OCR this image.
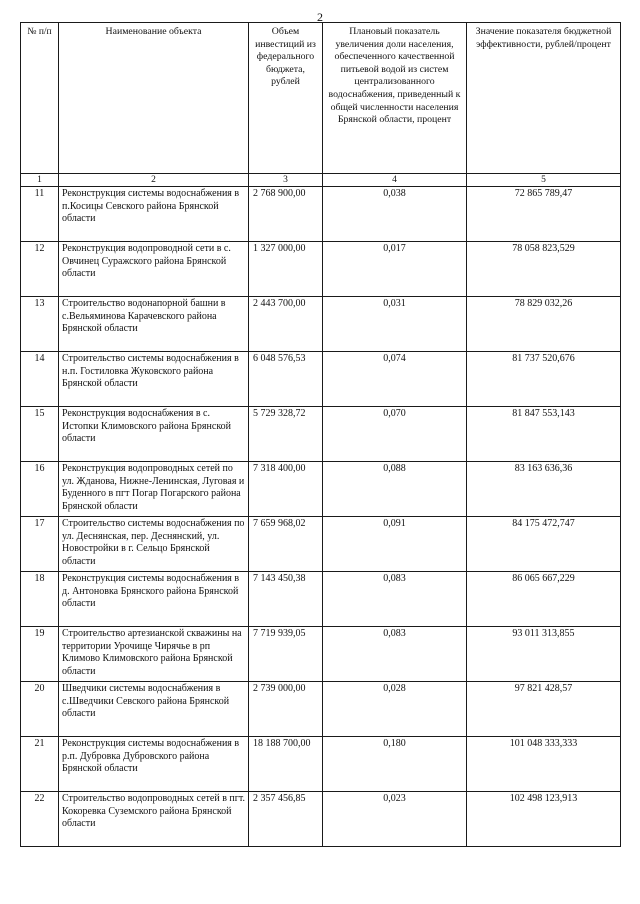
2
№ п/п	Наименование объекта	Объем инвестиций из федерального бюджета, рублей	Плановый показатель увеличения доли населения, обеспеченного качественной питьевой водой из систем централизованного водоснабжения, приведенный к общей численности населения Брянской области, процент	Значение показателя бюджетной эффективности, рублей/процент
1	2	3	4	5
11	Реконструкция системы водоснабжения в п.Косицы Севского района Брянской области	2 768 900,00	0,038	72 865 789,47
12	Реконструкция водопроводной сети в с. Овчинец Суражского района Брянской области	1 327 000,00	0,017	78 058 823,529
13	Строительство водонапорной башни в с.Вельяминова Карачевского района Брянской области	2 443 700,00	0,031	78 829 032,26
14	Строительство системы водоснабжения в н.п. Гостиловка Жуковского района Брянской области	6 048 576,53	0,074	81 737 520,676
15	Реконструкция водоснабжения в с. Истопки Климовского района Брянской области	5 729 328,72	0,070	81 847 553,143
16	Реконструкция водопроводных сетей по ул. Жданова, Нижне-Ленинская, Луговая и Буденного в пгт Погар Погарского района Брянской области	7 318 400,00	0,088	83 163 636,36
17	Строительство системы водоснабжения по ул. Деснянская, пер. Деснянский, ул. Новостройки в г. Сельцо Брянской области	7 659 968,02	0,091	84 175 472,747
18	Реконструкция системы водоснабжения в д. Антоновка Брянского района Брянской области	7 143 450,38	0,083	86 065 667,229
19	Строительство артезианской скважины на территории Урочище Чирячье в рп Климово Климовского района Брянской области	7 719 939,05	0,083	93 011 313,855
20	Шведчики системы водоснабжения в с.Шведчики Севского района Брянской области	2 739 000,00	0,028	97 821 428,57
21	Реконструкция системы водоснабжения в р.п. Дубровка Дубровского района Брянской области	18 188 700,00	0,180	101 048 333,333
22	Строительство водопроводных сетей в пгт. Кокоревка Суземского района Брянской области	2 357 456,85	0,023	102 498 123,913
